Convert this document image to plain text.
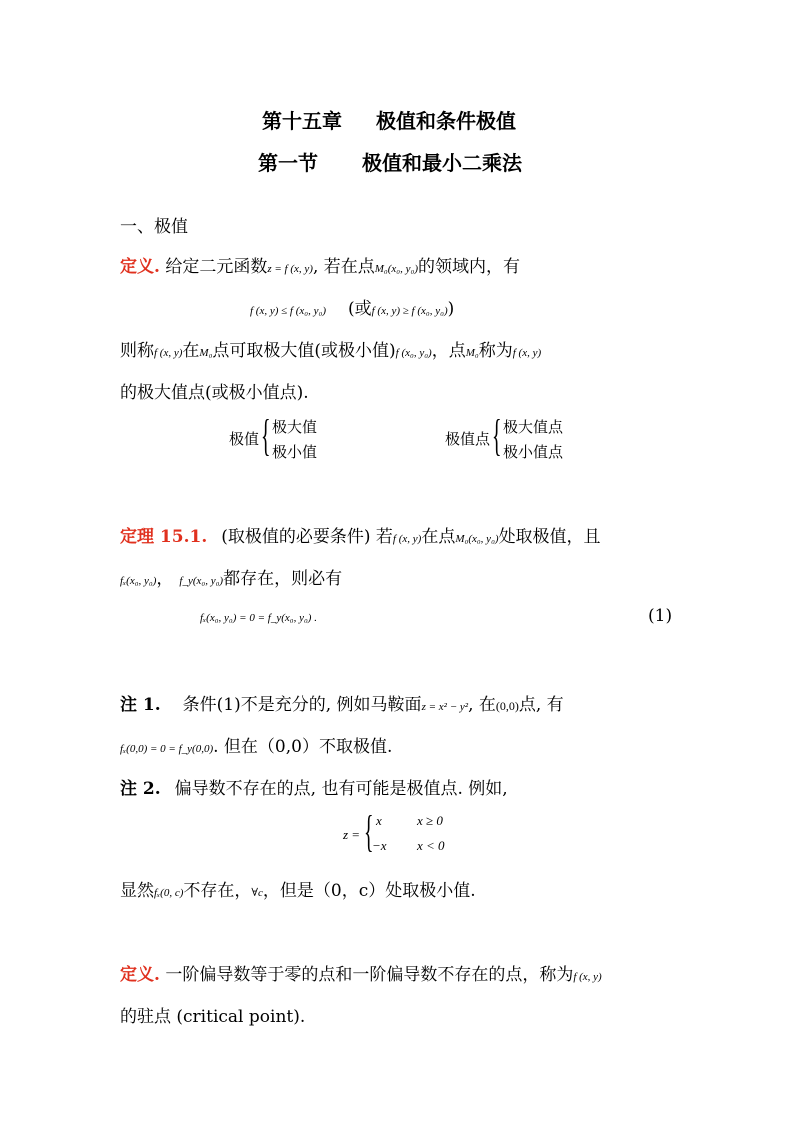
第十五章 极值和条件极值
第一节 极值和最小二乘法
一、极值
定义. 给定二元函数z = f (x, y), 若在点M₀(x₀, y₀)的领域内，有
f (x, y) ≤ f (x₀, y₀) (或f (x, y) ≥ f (x₀, y₀))
则称f (x, y)在M₀点可取极大值(或极小值)f (x₀, y₀)，点M₀称为f (x, y)
的极大值点(或极小值点).
极值 { 极大值
极小值
极值点 { 极大值点
极小值点
定理 15.1. (取极值的必要条件) 若f (x, y)在点M₀(x₀, y₀)处取极值，且
fₓ(x₀, y₀)， f_y(x₀, y₀)都存在，则必有
fₓ(x₀, y₀) = 0 = f_y(x₀, y₀) .	(1)
注 1. 条件(1)不是充分的, 例如马鞍面z = x² − y², 在(0,0)点, 有
fₓ(0,0) = 0 = f_y(0,0). 但在（0,0）不取极值.
注 2. 偏导数不存在的点, 也有可能是极值点. 例如,
z = { x	x ≥ 0
−x x < 0
显然fₓ(0, c)不存在，∀c，但是（0，c）处取极小值.
定义. 一阶偏导数等于零的点和一阶偏导数不存在的点，称为f (x, y)
的驻点 (critical point).
